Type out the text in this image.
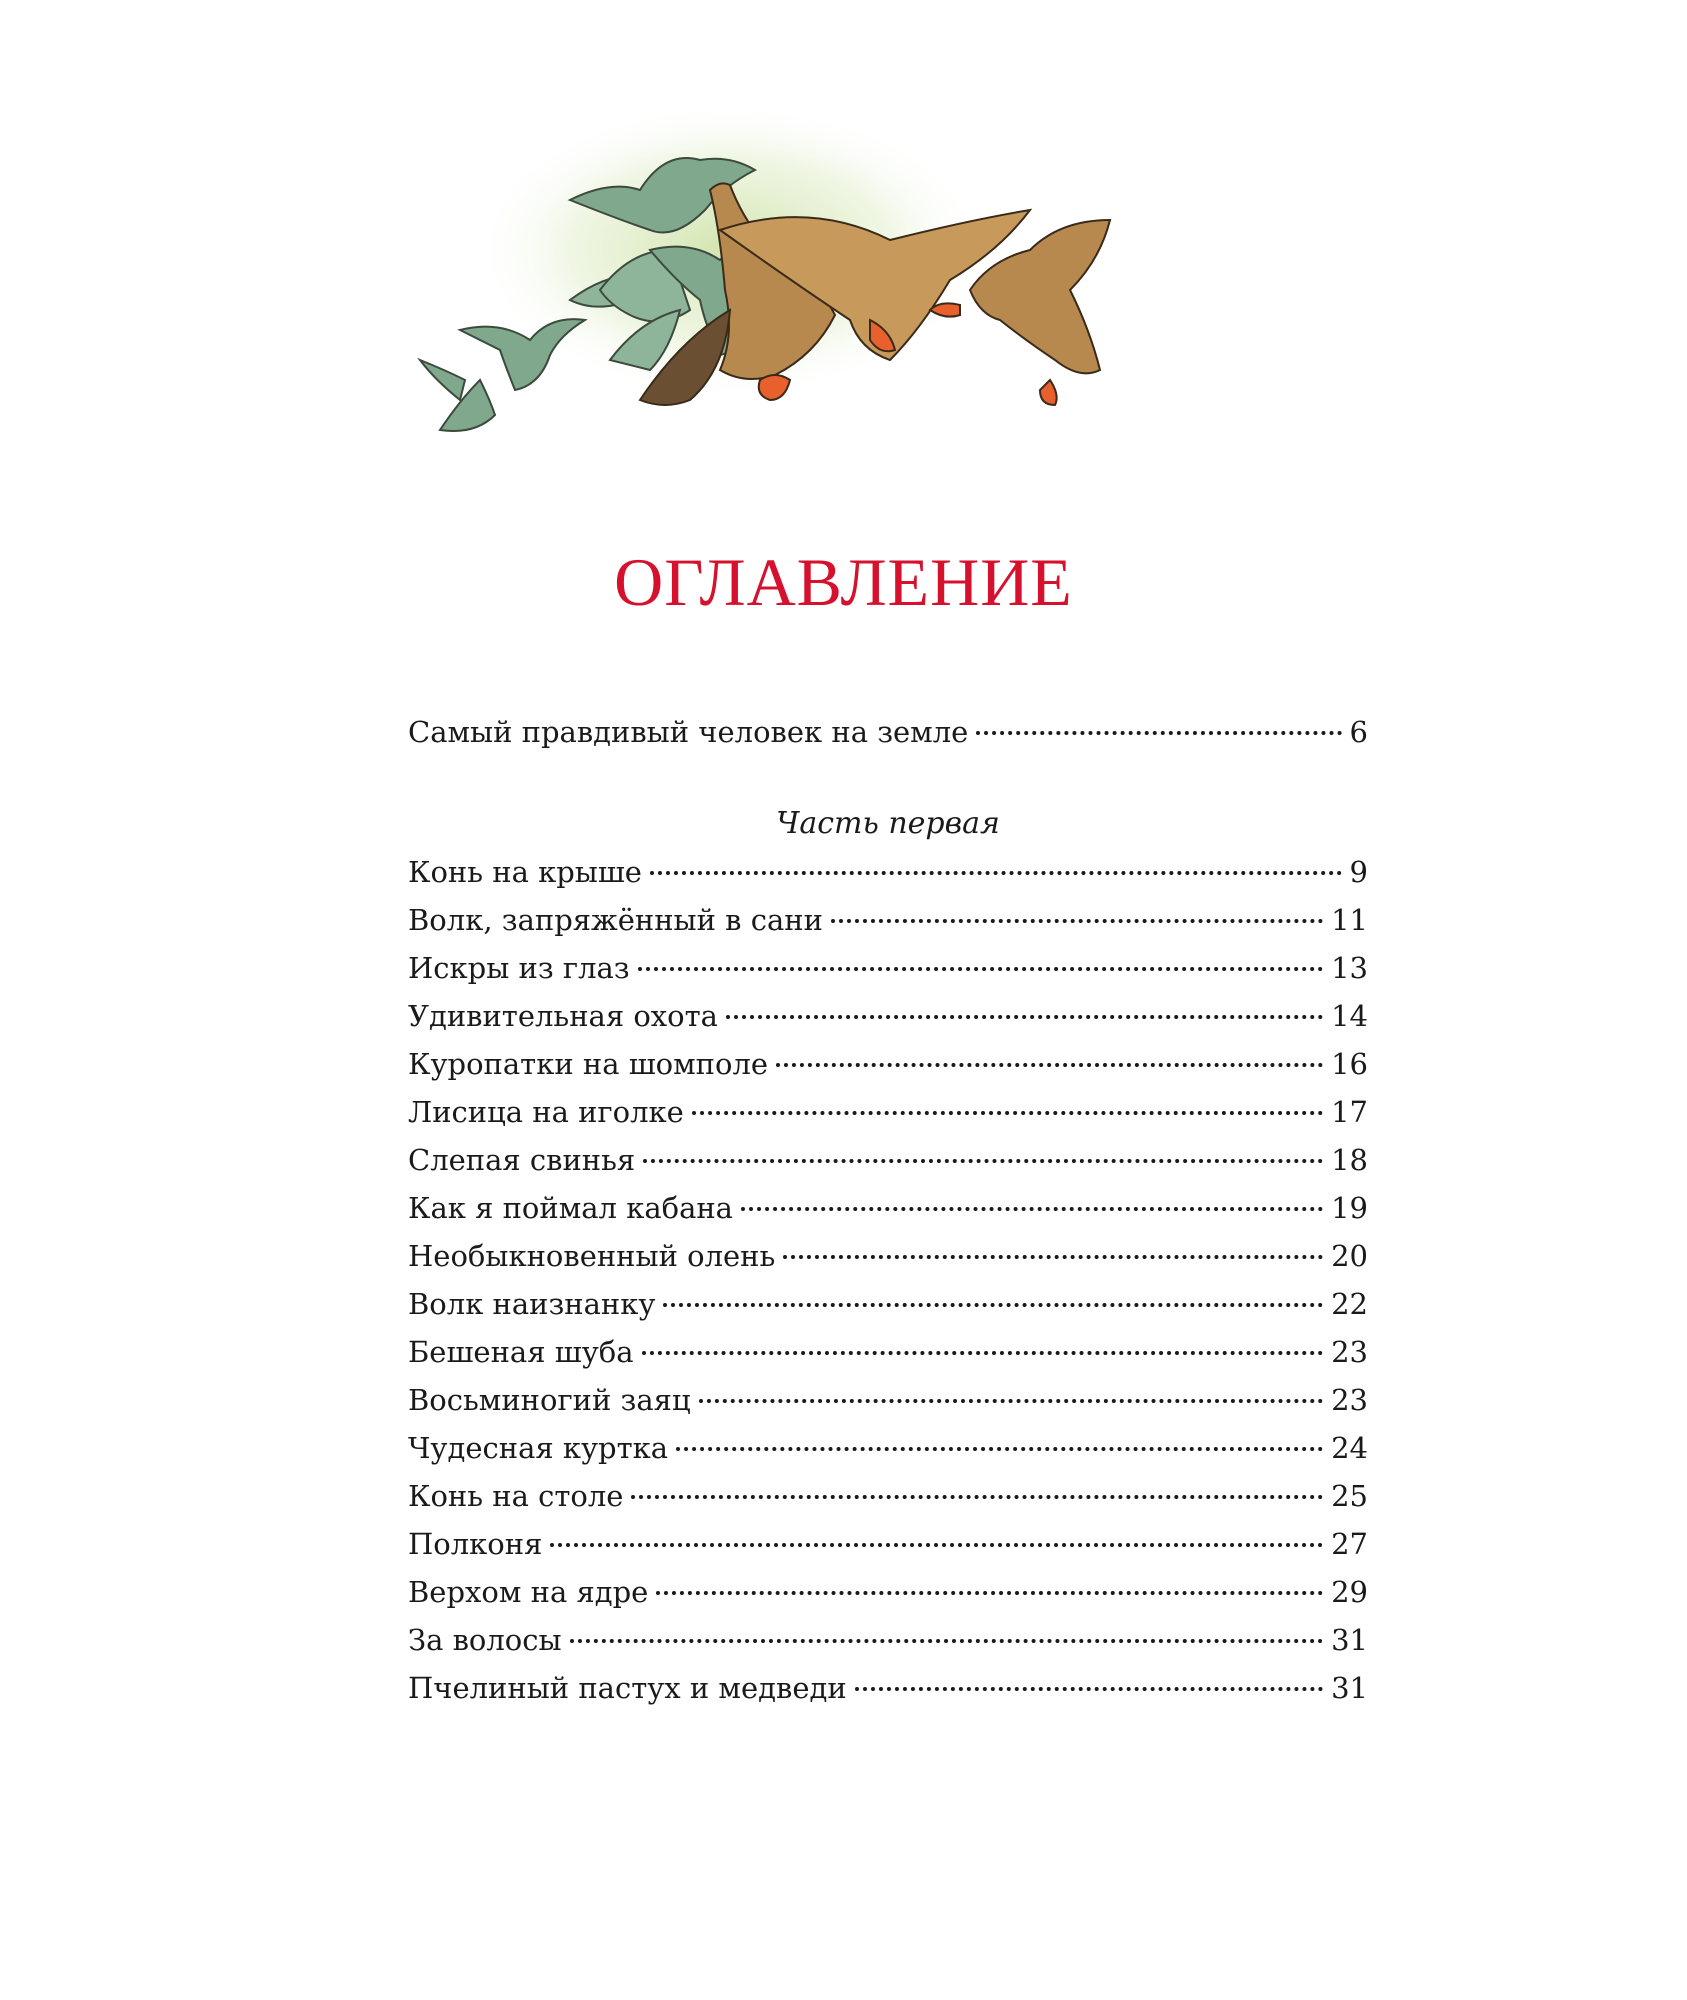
ОГЛАВЛЕНИЕ
Самый правдивый человек на земле	6
Часть первая
Конь на крыше	9
Волк, запряжённый в сани	11
Искры из глаз	13
Удивительная охота	14
Куропатки на шомполе	16
Лисица на иголке	17
Слепая свинья	18
Как я поймал кабана	19
Необыкновенный олень	20
Волк наизнанку	22
Бешеная шуба	23
Восьминогий заяц	23
Чудесная куртка	24
Конь на столе	25
Полконя	27
Верхом на ядре	29
За волосы	31
Пчелиный пастух и медведи	31
